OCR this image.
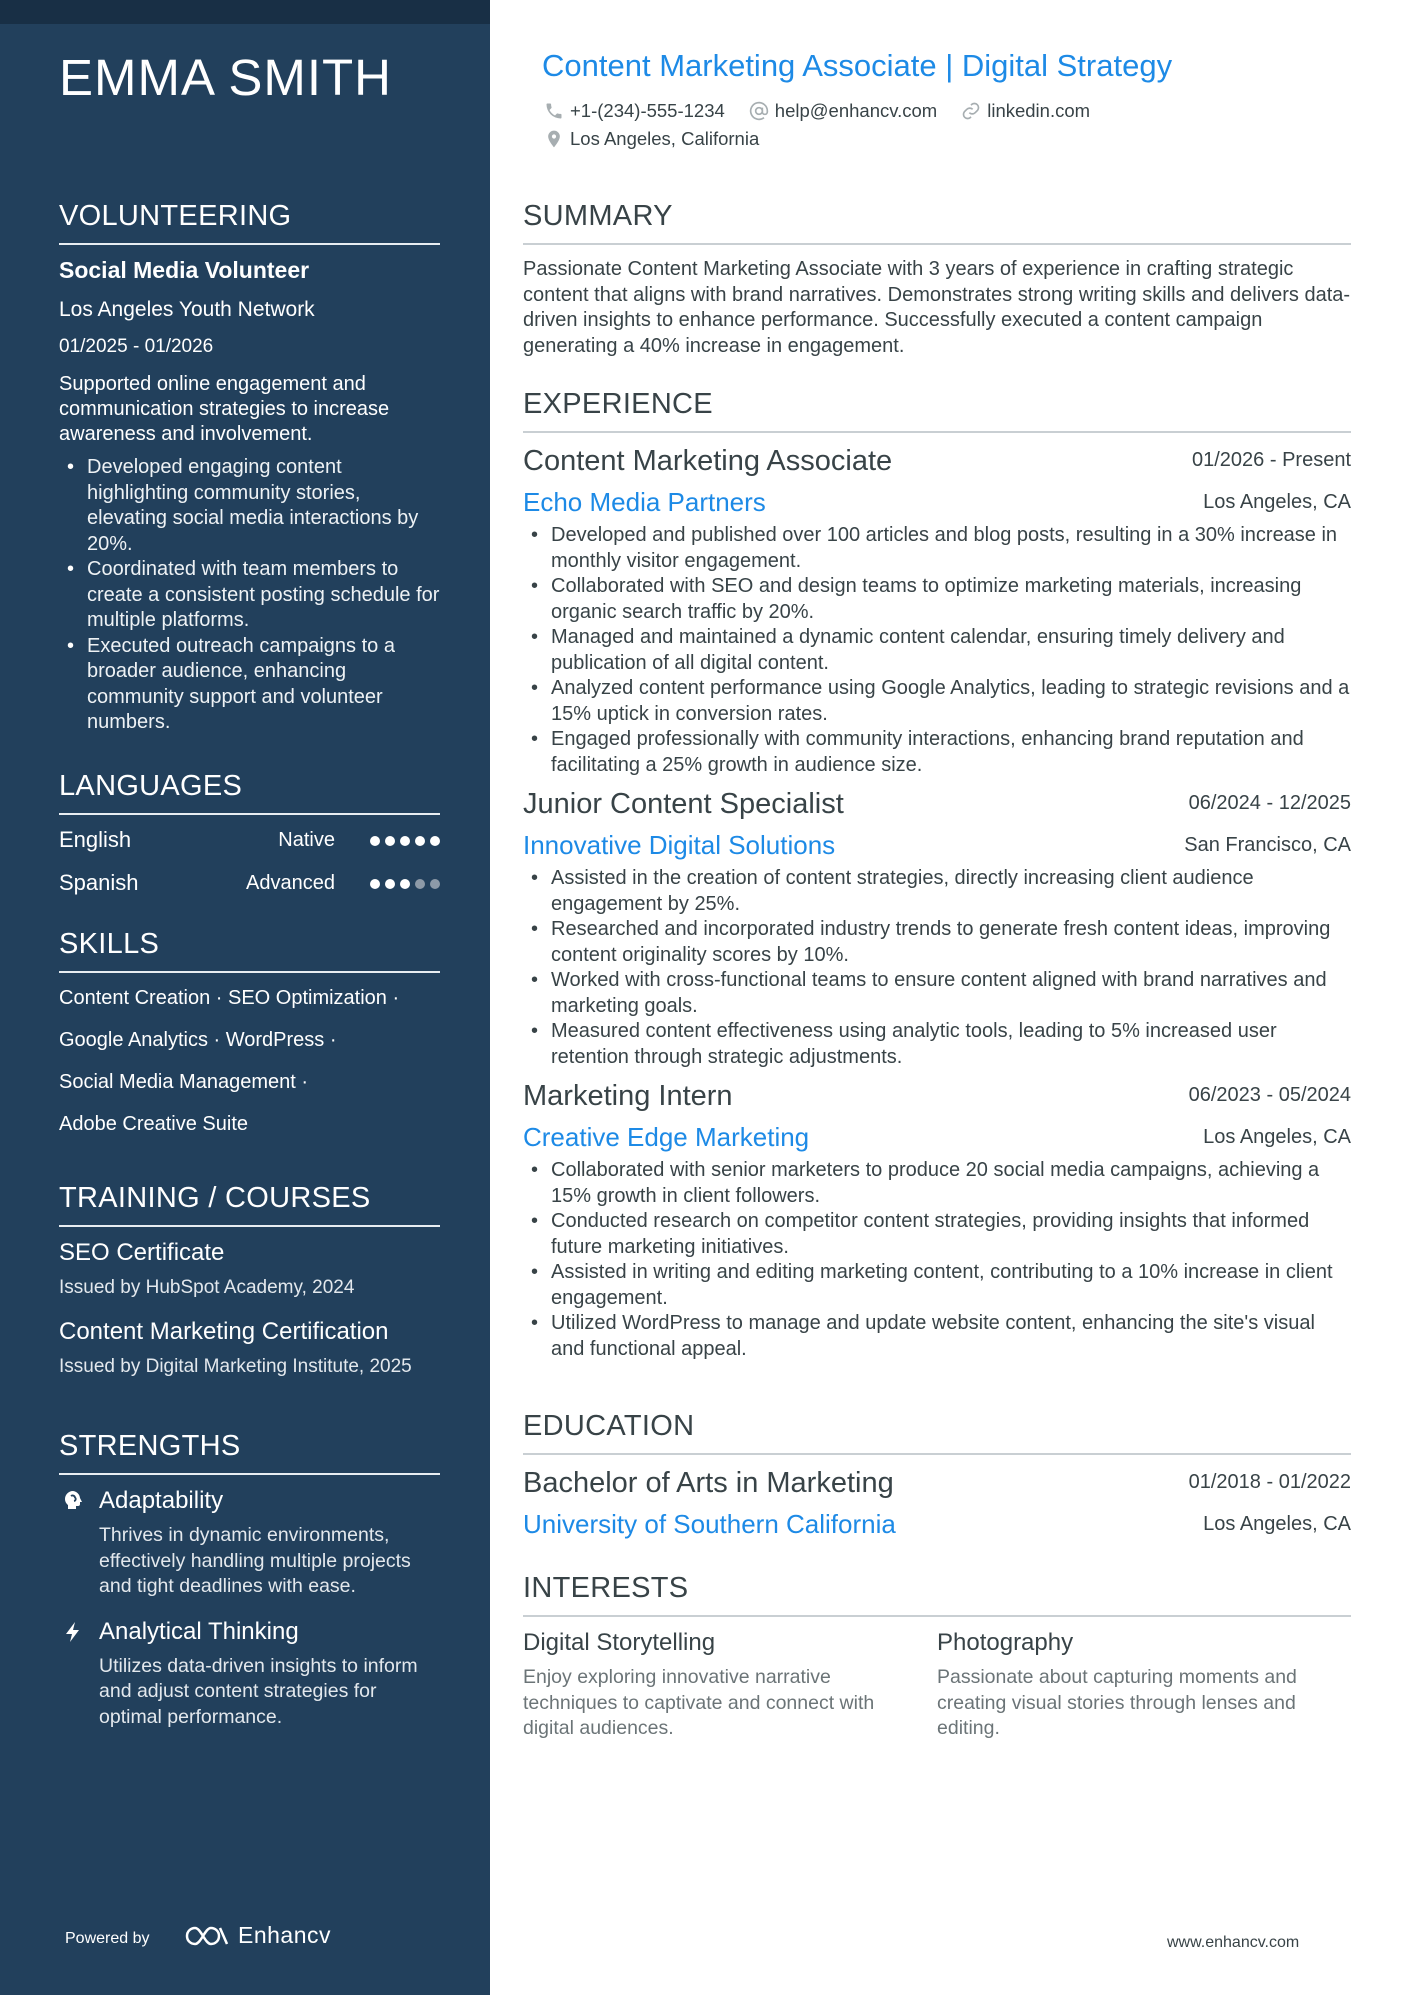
EMMA SMITH
VOLUNTEERING
Social Media Volunteer
Los Angeles Youth Network
01/2025 - 01/2026
Supported online engagement and communication strategies to increase awareness and involvement.
• Developed engaging content highlighting community stories, elevating social media interactions by 20%.
• Coordinated with team members to create a consistent posting schedule for multiple platforms.
• Executed outreach campaigns to a broader audience, enhancing community support and volunteer numbers.
LANGUAGES
English	Native
Spanish	Advanced
SKILLS
Content Creation · SEO Optimization ·
Google Analytics · WordPress ·
Social Media Management ·
Adobe Creative Suite
TRAINING / COURSES
SEO Certificate
Issued by HubSpot Academy, 2024
Content Marketing Certification
Issued by Digital Marketing Institute, 2025
STRENGTHS
Adaptability
Thrives in dynamic environments, effectively handling multiple projects and tight deadlines with ease.
Analytical Thinking
Utilizes data-driven insights to inform and adjust content strategies for optimal performance.
Powered by	Enhancv
Content Marketing Associate | Digital Strategy
+1-(234)-555-1234	help@enhancv.com	linkedin.com
Los Angeles, California
SUMMARY
Passionate Content Marketing Associate with 3 years of experience in crafting strategic content that aligns with brand narratives. Demonstrates strong writing skills and delivers data-driven insights to enhance performance. Successfully executed a content campaign generating a 40% increase in engagement.
EXPERIENCE
Content Marketing Associate	01/2026 - Present
Echo Media Partners	Los Angeles, CA
• Developed and published over 100 articles and blog posts, resulting in a 30% increase in monthly visitor engagement.
• Collaborated with SEO and design teams to optimize marketing materials, increasing organic search traffic by 20%.
• Managed and maintained a dynamic content calendar, ensuring timely delivery and publication of all digital content.
• Analyzed content performance using Google Analytics, leading to strategic revisions and a 15% uptick in conversion rates.
• Engaged professionally with community interactions, enhancing brand reputation and facilitating a 25% growth in audience size.
Junior Content Specialist	06/2024 - 12/2025
Innovative Digital Solutions	San Francisco, CA
• Assisted in the creation of content strategies, directly increasing client audience engagement by 25%.
• Researched and incorporated industry trends to generate fresh content ideas, improving content originality scores by 10%.
• Worked with cross-functional teams to ensure content aligned with brand narratives and marketing goals.
• Measured content effectiveness using analytic tools, leading to 5% increased user retention through strategic adjustments.
Marketing Intern	06/2023 - 05/2024
Creative Edge Marketing	Los Angeles, CA
• Collaborated with senior marketers to produce 20 social media campaigns, achieving a 15% growth in client followers.
• Conducted research on competitor content strategies, providing insights that informed future marketing initiatives.
• Assisted in writing and editing marketing content, contributing to a 10% increase in client engagement.
• Utilized WordPress to manage and update website content, enhancing the site's visual and functional appeal.
EDUCATION
Bachelor of Arts in Marketing	01/2018 - 01/2022
University of Southern California	Los Angeles, CA
INTERESTS
Digital Storytelling
Enjoy exploring innovative narrative techniques to captivate and connect with digital audiences.
Photography
Passionate about capturing moments and creating visual stories through lenses and editing.
www.enhancv.com
